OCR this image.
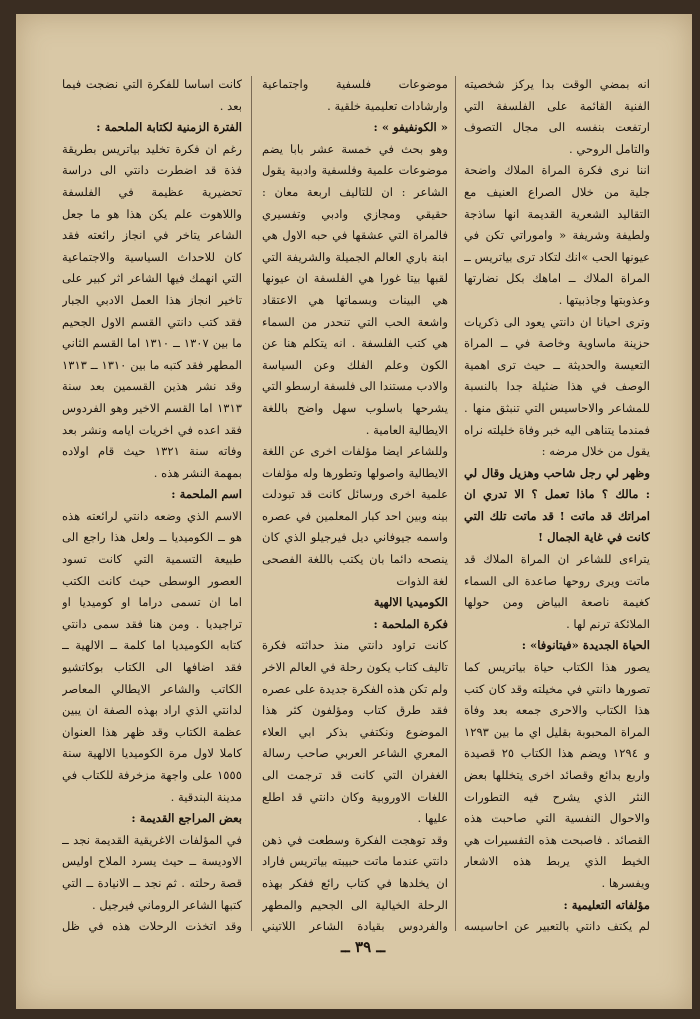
انه بمضي الوقت بدا يركز شخصيته الفنية القائمة على الفلسفة التي ارتفعت بنفسه الى مجال التصوف والتامل الروحي .

اننا نرى فكرة المراة الملاك واضحة جلية من خلال الصراع العنيف مع التقاليد الشعرية القديمة انها ساذجة ولطيفة وشريفة « واموراتي تكن في عيونها الحب »انك لتكاد ترى بياتريس ــ المراة الملاك ــ اماهك بكل نضارتها وعذوبتها وجاذبيتها .

وترى احيانا ان دانتي يعود الى ذكريات حزينة ماساوية وخاصة في ــ المراة التعيسة والحديثة ــ حيث ترى اهمية الوصف في هذا ضئيلة جدا بالنسبة للمشاعر والاحاسيس التي تنبثق منها . فمندما يتناهى اليه خبر وفاة خليلته نراه يقول من خلال مرضه :

وظهر لي رجل شاحب وهزيل وقال لي : مالك ؟ ماذا تعمل ؟ الا تدري ان امراتك قد ماتت ! قد ماتت تلك التي كانت في غاية الجمال !

يتراءى للشاعر ان المراة الملاك قد ماتت ويرى روحها صاعدة الى السماء كغيمة ناصعة البياض ومن حولها الملائكة ترنم لها .

الحياة الجديدة «فيتانوفا» :

يصور هذا الكتاب حياة بياتريس كما تصورها دانتي في مخيلته وقد كان كتب هذا الكتاب والاحرى جمعه بعد وفاة المراة المحبوبة بقليل اي ما بين ١٢٩٣ و ١٢٩٤ ويضم هذا الكتاب ٢٥ قصيدة واربع بدائع وقصائد اخرى يتخللها بعض النثر الذي يشرح فيه التطورات والاحوال النفسية التي صاحبت هذه القصائد . فاصبحت هذه التفسيرات هي الخيط الذي يربط هذه الاشعار ويفسرها .

مؤلفاته التعليمية :

لم يكتف دانتي بالتعبير عن احاسيسه

موضوعات فلسفية واجتماعية وارشادات تعليمية خلقية .

« الكونفيفو » :

وهو بحث في خمسة عشر بابا يضم موضوعات علمية وفلسفية وادبية يقول الشاعر : ان للتاليف اربعة معان : حقيقي ومجازي وادبي وتفسيري فالمراة التي عشقها في حبه الاول هي ابنة باري العالم الجميلة والشريفة التي لقبها بيتا غورا هي الفلسفة ان عيونها هي البينات وبسماتها هي الاعتقاد واشعة الحب التي تنحدر من السماء هي كتب الفلسفة . انه يتكلم هنا عن الكون وعلم الفلك وعن السياسة والادب مستندا الى فلسفة ارسطو التي يشرحها باسلوب سهل واضح باللغة الايطالية العامية .

وللشاعر ايضا مؤلفات اخرى عن اللغة الايطالية واصولها وتطورها وله مؤلفات علمية اخرى ورسائل كانت قد تبودلت بينه وبين احد كبار المعلمين في عصره واسمه جيوفاني ديل فيرجيلو الذي كان ينصحه دائما بان يكتب باللغة الفصحى لغة الذوات

الكوميديا الالهية

فكرة الملحمة :

كانت تراود دانتي منذ حداثته فكرة تاليف كتاب يكون رحلة في العالم الاخر ولم تكن هذه الفكرة جديدة على عصره فقد طرق كتاب ومؤلفون كثر هذا الموضوع ونكتفي بذكر ابي العلاء المعري الشاعر العربي صاحب رسالة الغفران التي كانت قد ترجمت الى اللغات الاوروبية وكان دانتي قد اطلع عليها .

وقد توهجت الفكرة وسطعت في ذهن دانتي عندما ماتت حبيبته بياتريس فاراد ان يخلدها في كتاب رائع ففكر بهذه الرحلة الخيالية الى الجحيم والمطهر والفردوس بقيادة الشاعر اللاتيني

كانت اساسا للفكرة التي نضجت فيما بعد .

الفترة الزمنية لكتابة الملحمة :

رغم ان فكرة تخليد بياتريس بطريقة فذة قد اضطرت دانتي الى دراسة تحضيرية عظيمة في الفلسفة واللاهوت علم يكن هذا هو ما جعل الشاعر يتاخر في انجاز رائعته فقد كان للاحداث السياسية والاجتماعية التي انهمك فيها الشاعر اثر كبير على تاخير انجاز هذا العمل الادبي الجبار فقد كتب دانتي القسم الاول الجحيم ما بين ١٣٠٧ ــ ١٣١٠ اما القسم الثاني المطهر فقد كتبه ما بين ١٣١٠ ــ ١٣١٣ وقد نشر هذين القسمين بعد سنة ١٣١٣ اما القسم الاخير وهو الفردوس فقد اعده في اخريات ايامه ونشر بعد وفاته سنة ١٣٢١ حيث قام اولاده بمهمة النشر هذه .

اسم الملحمة :

الاسم الذي وضعه دانتي لرائعته هذه هو ــ الكوميديا ــ ولعل هذا راجع الى طبيعة التسمية التي كانت تسود العصور الوسطى حيث كانت الكتب اما ان تسمى دراما او كوميديا او تراجيديا . ومن هنا فقد سمى دانتي كتابه الكوميديا اما كلمة ــ الالهية ــ فقد اضافها الى الكتاب بوكاتشيو الكاتب والشاعر الايطالي المعاصر لدانتي الذي اراد بهذه الصفة ان يبين عظمة الكتاب وقد ظهر هذا العنوان كاملا لاول مرة الكوميديا الالهية سنة ١٥٥٥ على واجهة مزخرفة للكتاب في مدينة البندقية .

بعض المراجع القديمة :

في المؤلفات الاغريقية القديمة نجد ــ الاوديسة ــ حيث يسرد الملاح اوليس قصة رحلته . ثم نجد ــ الانيادة ــ التي كتبها الشاعر الروماني فيرجيل .

وقد اتخذت الرحلات هذه في ظل

ــ ٣٩ ــ
